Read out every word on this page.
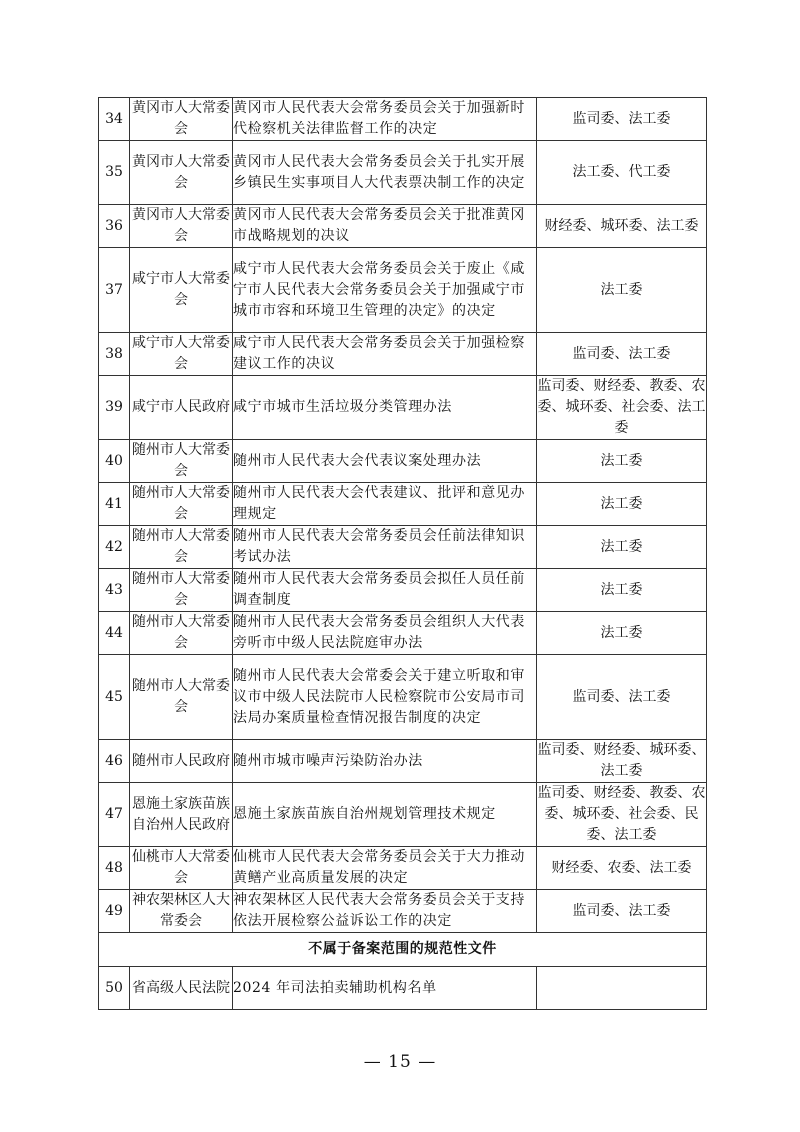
34	黄冈市人大常委会	黄冈市人民代表大会常务委员会关于加强新时代检察机关法律监督工作的决定	监司委、法工委
35	黄冈市人大常委会	黄冈市人民代表大会常务委员会关于扎实开展乡镇民生实事项目人大代表票决制工作的决定	法工委、代工委
36	黄冈市人大常委会	黄冈市人民代表大会常务委员会关于批准黄冈市战略规划的决议	财经委、城环委、法工委
37	咸宁市人大常委会	咸宁市人民代表大会常务委员会关于废止《咸宁市人民代表大会常务委员会关于加强咸宁市城市市容和环境卫生管理的决定》的决定	法工委
38	咸宁市人大常委会	咸宁市人民代表大会常务委员会关于加强检察建议工作的决议	监司委、法工委
39	咸宁市人民政府	咸宁市城市生活垃圾分类管理办法	监司委、财经委、教委、农委、城环委、社会委、法工委
40	随州市人大常委会	随州市人民代表大会代表议案处理办法	法工委
41	随州市人大常委会	随州市人民代表大会代表建议、批评和意见办理规定	法工委
42	随州市人大常委会	随州市人民代表大会常务委员会任前法律知识考试办法	法工委
43	随州市人大常委会	随州市人民代表大会常务委员会拟任人员任前调查制度	法工委
44	随州市人大常委会	随州市人民代表大会常务委员会组织人大代表旁听市中级人民法院庭审办法	法工委
45	随州市人大常委会	随州市人民代表大会常委会关于建立听取和审议市中级人民法院市人民检察院市公安局市司法局办案质量检查情况报告制度的决定	监司委、法工委
46	随州市人民政府	随州市城市噪声污染防治办法	监司委、财经委、城环委、法工委
47	恩施土家族苗族自治州人民政府	恩施土家族苗族自治州规划管理技术规定	监司委、财经委、教委、农委、城环委、社会委、民委、法工委
48	仙桃市人大常委会	仙桃市人民代表大会常务委员会关于大力推动黄鳝产业高质量发展的决定	财经委、农委、法工委
49	神农架林区人大常委会	神农架林区人民代表大会常务委员会关于支持依法开展检察公益诉讼工作的决定	监司委、法工委
不属于备案范围的规范性文件			
50	省高级人民法院	2024 年司法拍卖辅助机构名单	
— 15 —
